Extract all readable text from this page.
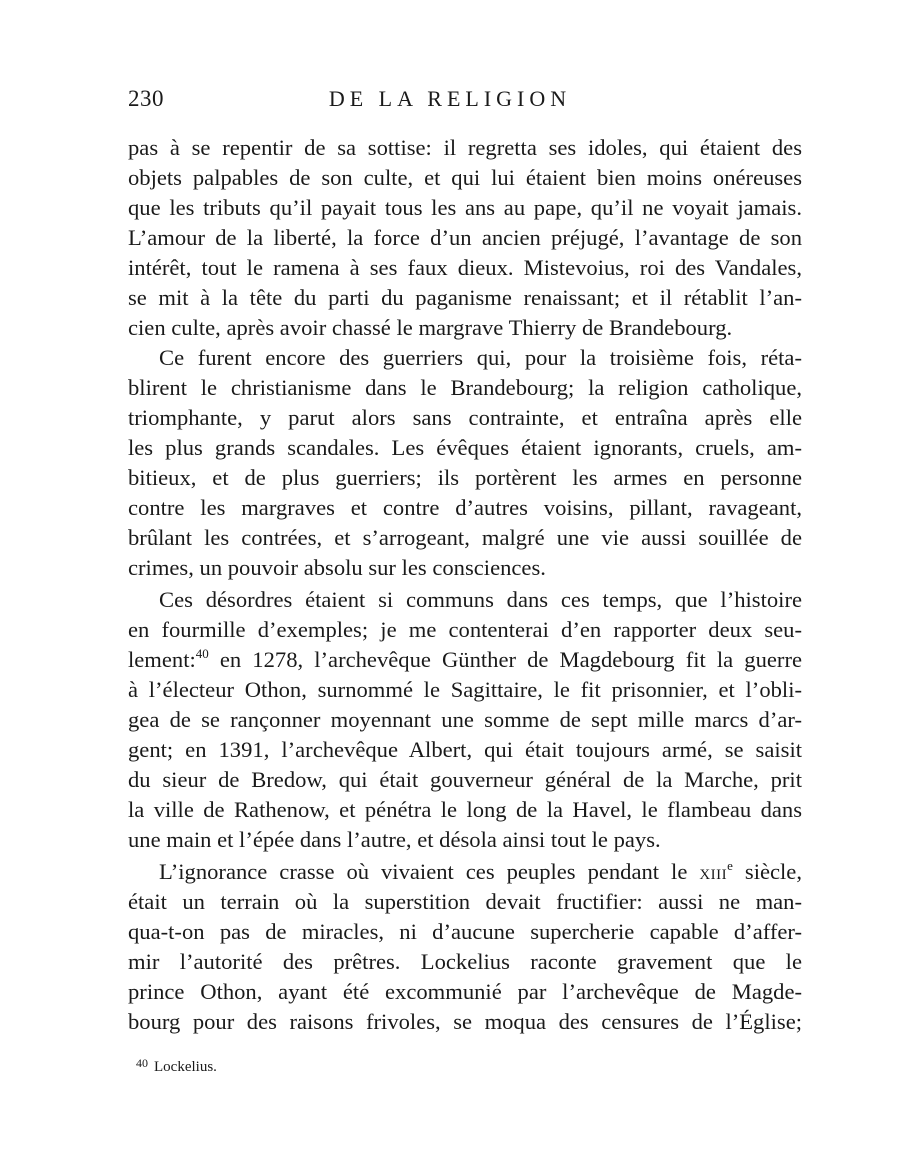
230	DE LA RELIGION
pas à se repentir de sa sottise: il regretta ses idoles, qui étaient des
objets palpables de son culte, et qui lui étaient bien moins onéreuses
que les tributs qu’il payait tous les ans au pape, qu’il ne voyait jamais.
L’amour de la liberté, la force d’un ancien préjugé, l’avantage de son
intérêt, tout le ramena à ses faux dieux. Mistevoius, roi des Vandales,
se mit à la tête du parti du paganisme renaissant; et il rétablit l’an-
cien culte, après avoir chassé le margrave Thierry de Brandebourg.
Ce furent encore des guerriers qui, pour la troisième fois, réta-
blirent le christianisme dans le Brandebourg; la religion catholique,
triomphante, y parut alors sans contrainte, et entraîna après elle
les plus grands scandales. Les évêques étaient ignorants, cruels, am-
bitieux, et de plus guerriers; ils portèrent les armes en personne
contre les margraves et contre d’autres voisins, pillant, ravageant,
brûlant les contrées, et s’arrogeant, malgré une vie aussi souillée de
crimes, un pouvoir absolu sur les consciences.
Ces désordres étaient si communs dans ces temps, que l’histoire
en fourmille d’exemples; je me contenterai d’en rapporter deux seu-
lement:$^{40}$ en 1278, l’archevêque Günther de Magdebourg fit la guerre
à l’électeur Othon, surnommé le Sagittaire, le fit prisonnier, et l’obli-
gea de se rançonner moyennant une somme de sept mille marcs d’ar-
gent; en 1391, l’archevêque Albert, qui était toujours armé, se saisit
du sieur de Bredow, qui était gouverneur général de la Marche, prit
la ville de Rathenow, et pénétra le long de la Havel, le flambeau dans
une main et l’épée dans l’autre, et désola ainsi tout le pays.
L’ignorance crasse où vivaient ces peuples pendant le XIIIe siècle,
était un terrain où la superstition devait fructifier: aussi ne man-
qua-t-on pas de miracles, ni d’aucune supercherie capable d’affer-
mir l’autorité des prêtres. Lockelius raconte gravement que le
prince Othon, ayant été excommunié par l’archevêque de Magde-
bourg pour des raisons frivoles, se moqua des censures de l’Église;
$^{40}$ Lockelius.
